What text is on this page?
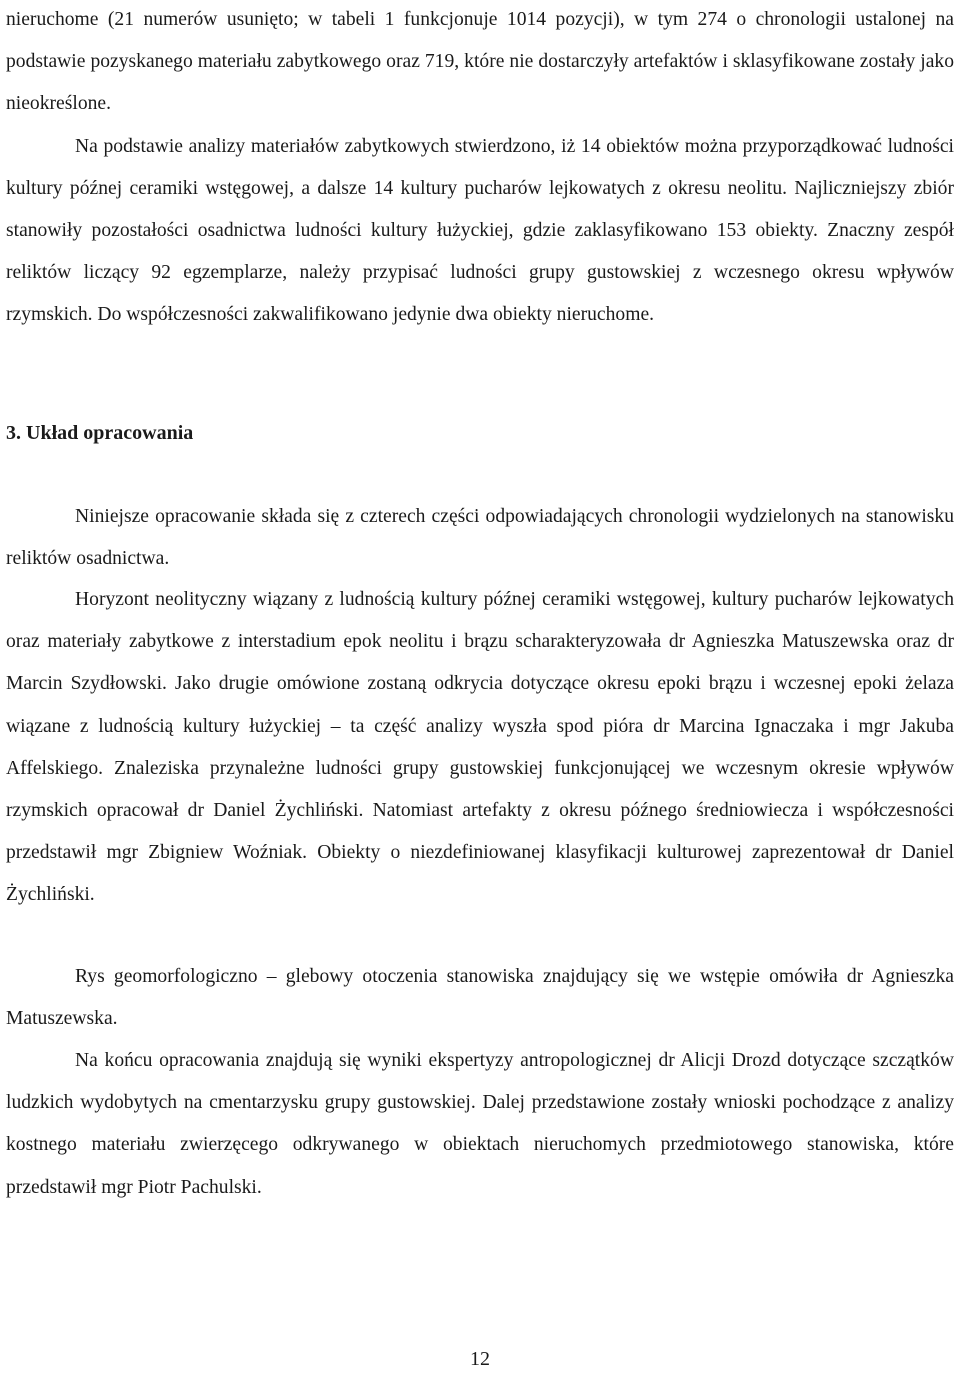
nieruchome (21 numerów usunięto; w tabeli 1 funkcjonuje 1014 pozycji), w tym 274 o chronologii ustalonej na podstawie pozyskanego materiału zabytkowego oraz 719, które nie dostarczyły artefaktów i sklasyfikowane zostały jako nieokreślone.

Na podstawie analizy materiałów zabytkowych stwierdzono, iż 14 obiektów można przyporządkować ludności kultury późnej ceramiki wstęgowej, a dalsze 14 kultury pucharów lejkowatych z okresu neolitu. Najliczniejszy zbiór stanowiły pozostałości osadnictwa ludności kultury łużyckiej, gdzie zaklasyfikowano 153 obiekty. Znaczny zespół reliktów liczący 92 egzemplarze, należy przypisać ludności grupy gustowskiej z wczesnego okresu wpływów rzymskich. Do współczesności zakwalifikowano jedynie dwa obiekty nieruchome.

3. Układ opracowania

Niniejsze opracowanie składa się z czterech części odpowiadających chronologii wydzielonych na stanowisku reliktów osadnictwa.

Horyzont neolityczny wiązany z ludnością kultury późnej ceramiki wstęgowej, kultury pucharów lejkowatych oraz materiały zabytkowe z interstadium epok neolitu i brązu scharakteryzowała dr Agnieszka Matuszewska oraz dr Marcin Szydłowski. Jako drugie omówione zostaną odkrycia dotyczące okresu epoki brązu i wczesnej epoki żelaza wiązane z ludnością kultury łużyckiej – ta część analizy wyszła spod pióra dr Marcina Ignaczaka i mgr Jakuba Affelskiego. Znaleziska przynależne ludności grupy gustowskiej funkcjonującej we wczesnym okresie wpływów rzymskich opracował dr Daniel Żychliński. Natomiast artefakty z okresu późnego średniowiecza i współczesności przedstawił mgr Zbigniew Woźniak. Obiekty o niezdefiniowanej klasyfikacji kulturowej zaprezentował dr Daniel Żychliński.

Rys geomorfologiczno – glebowy otoczenia stanowiska znajdujący się we wstępie omówiła dr Agnieszka Matuszewska.

Na końcu opracowania znajdują się wyniki ekspertyzy antropologicznej dr Alicji Drozd dotyczące szczątków ludzkich wydobytych na cmentarzysku grupy gustowskiej. Dalej przedstawione zostały wnioski pochodzące z analizy kostnego materiału zwierzęcego odkrywanego w obiektach nieruchomych przedmiotowego stanowiska, które przedstawił mgr Piotr Pachulski.

12
